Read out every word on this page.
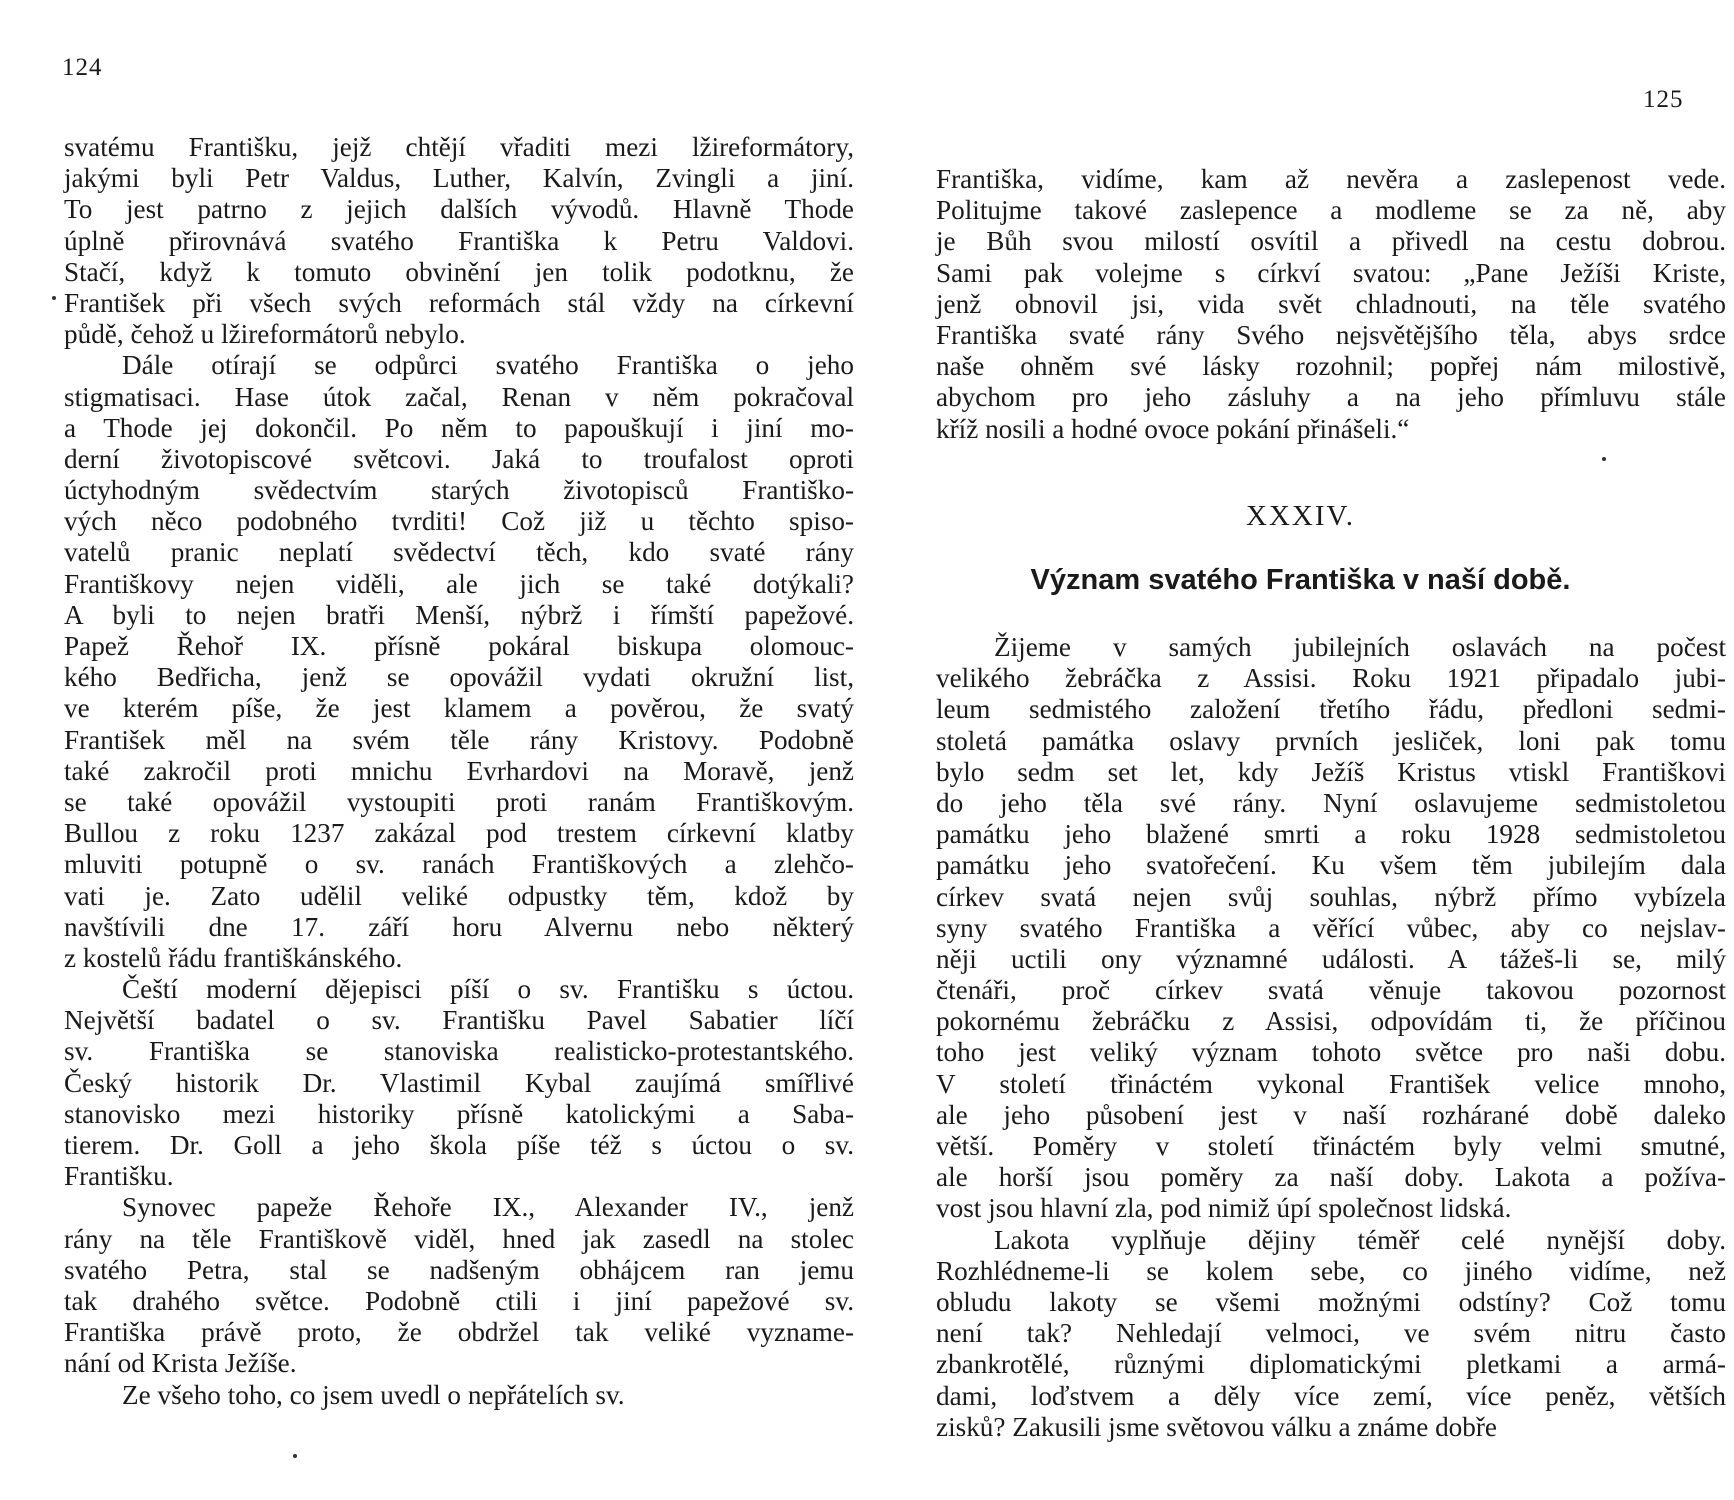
124
svatému Františku, jejž chtějí vřaditi mezi lžireformátory,
jakými byli Petr Valdus, Luther, Kalvín, Zvingli a jiní.
To jest patrno z jejich dalších vývodů. Hlavně Thode
úplně přirovnává svatého Františka k Petru Valdovi.
Stačí, když k tomuto obvinění jen tolik podotknu, že
František při všech svých reformách stál vždy na církevní
půdě, čehož u lžireformátorů nebylo.
Dále otírají se odpůrci svatého Františka o jeho
stigmatisaci. Hase útok začal, Renan v něm pokračoval
a Thode jej dokončil. Po něm to papouškují i jiní mo-
derní životopiscové světcovi. Jaká to troufalost oproti
úctyhodným svědectvím starých životopisců Františko-
vých něco podobného tvrditi! Což již u těchto spiso-
vatelů pranic neplatí svědectví těch, kdo svaté rány
Františkovy nejen viděli, ale jich se také dotýkali?
A byli to nejen bratři Menší, nýbrž i římští papežové.
Papež Řehoř IX. přísně pokáral biskupa olomouc-
kého Bedřicha, jenž se opovážil vydati okružní list,
ve kterém píše, že jest klamem a pověrou, že svatý
František měl na svém těle rány Kristovy. Podobně
také zakročil proti mnichu Evrhardovi na Moravě, jenž
se také opovážil vystoupiti proti ranám Františkovým.
Bullou z roku 1237 zakázal pod trestem církevní klatby
mluviti potupně o sv. ranách Františkových a zlehčo-
vati je. Zato udělil veliké odpustky těm, kdož by
navštívili dne 17. září horu Alvernu nebo některý
z kostelů řádu františkánského.
Čeští moderní dějepisci píší o sv. Františku s úctou.
Největší badatel o sv. Františku Pavel Sabatier líčí
sv. Františka se stanoviska realisticko-protestantského.
Český historik Dr. Vlastimil Kybal zaujímá smířlivé
stanovisko mezi historiky přísně katolickými a Saba-
tierem. Dr. Goll a jeho škola píše též s úctou o sv.
Františku.
Synovec papeže Řehoře IX., Alexander IV., jenž
rány na těle Františkově viděl, hned jak zasedl na stolec
svatého Petra, stal se nadšeným obhájcem ran jemu
tak drahého světce. Podobně ctili i jiní papežové sv.
Františka právě proto, že obdržel tak veliké vyzname-
nání od Krista Ježíše.
Ze všeho toho, co jsem uvedl o nepřátelích sv.
125
Františka, vidíme, kam až nevěra a zaslepenost vede.
Politujme takové zaslepence a modleme se za ně, aby
je Bůh svou milostí osvítil a přivedl na cestu dobrou.
Sami pak volejme s církví svatou: „Pane Ježíši Kriste,
jenž obnovil jsi, vida svět chladnouti, na těle svatého
Františka svaté rány Svého nejsvětějšího těla, abys srdce
naše ohněm své lásky rozohnil; popřej nám milostivě,
abychom pro jeho zásluhy a na jeho přímluvu stále
kříž nosili a hodné ovoce pokání přinášeli.“
XXXIV.
Význam svatého Františka v naší době.
Žijeme v samých jubilejních oslavách na počest
velikého žebráčka z Assisi. Roku 1921 připadalo jubi-
leum sedmistého založení třetího řádu, předloni sedmi-
stoletá památka oslavy prvních jesliček, loni pak tomu
bylo sedm set let, kdy Ježíš Kristus vtiskl Františkovi
do jeho těla své rány. Nyní oslavujeme sedmistoletou
památku jeho blažené smrti a roku 1928 sedmistoletou
památku jeho svatořečení. Ku všem těm jubilejím dala
církev svatá nejen svůj souhlas, nýbrž přímo vybízela
syny svatého Františka a věřící vůbec, aby co nejslav-
něji uctili ony významné události. A tážeš-li se, milý
čtenáři, proč církev svatá věnuje takovou pozornost
pokornému žebráčku z Assisi, odpovídám ti, že příčinou
toho jest veliký význam tohoto světce pro naši dobu.
V století třináctém vykonal František velice mnoho,
ale jeho působení jest v naší rozhárané době daleko
větší. Poměry v století třináctém byly velmi smutné,
ale horší jsou poměry za naší doby. Lakota a požíva-
vost jsou hlavní zla, pod nimiž úpí společnost lidská.
Lakota vyplňuje dějiny téměř celé nynější doby.
Rozhlédneme-li se kolem sebe, co jiného vidíme, než
obludu lakoty se všemi možnými odstíny? Což tomu
není tak? Nehledají velmoci, ve svém nitru často
zbankrotělé, různými diplomatickými pletkami a armá-
dami, loďstvem a děly více zemí, více peněz, větších
zisků? Zakusili jsme světovou válku a známe dobře
